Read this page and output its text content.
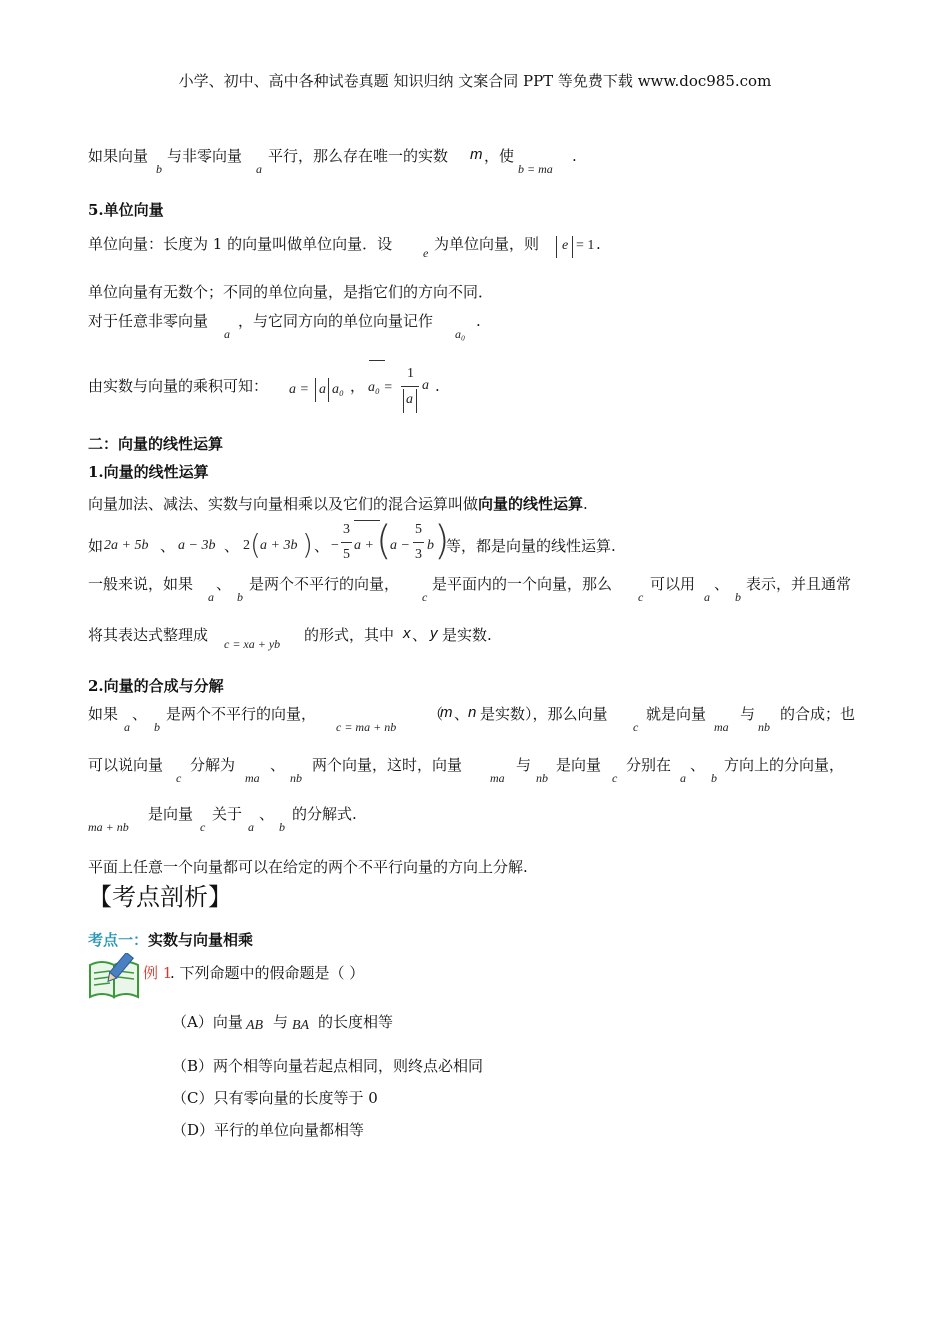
小学、初中、高中各种试卷真题 知识归纳 文案合同 PPT 等免费下载 www.doc985.com
如果向量
b
与非零向量
a
平行，那么存在唯一的实数 m ，使
b = ma
.
5.单位向量
单位向量：长度为 1 的向量叫做单位向量．设	e 为单位向量，则 e = 1 .
单位向量有无数个；不同的单位向量，是指它们的方向不同．
对于任意非零向量
a
，与它同方向的单位向量记作
a₀
.
由实数与向量的乘积可知： a = a a₀ ， a₀ =
1
a
a .
二：向量的线性运算
1.向量的线性运算
向量加法、减法、实数与向量相乘以及它们的混合运算叫做向量的线性运算.
如 2a + 5b 、 a − 3b 、 2 ( a + 3b ) 、 −
3
5
a + (
a −
5
3
b )
等，都是向量的线性运算.
一般来说，如果
a
、
b
是两个不平行的向量，
c
是平面内的一个向量，那么
c
可以用
a
、
b
表示，并且通常
将其表达式整理成 c = xa + yb 的形式，其中 x 、 y 是实数.
2.向量的合成与分解
如果
a
、
b
是两个不平行的向量，
c = ma + nb
（
m 、
n 是实数），那么向量
c
就是向量
ma
与
nb
的合成；也
可以说向量
c
分解为
ma
、
nb
两个向量，这时，向量
ma
与
nb
是向量
c
分别在
a
、
b
方向上的分向量，
ma + nb
是向量
c
关于
a
、
b
的分解式.
平面上任意一个向量都可以在给定的两个不平行向量的方向上分解.
【考点剖析】
考点一：实数与向量相乘
例 1
. 下列命题中的假命题是（ ）
（A）向量 AB 与 BA 的长度相等
（B）两个相等向量若起点相同，则终点必相同
（C）只有零向量的长度等于 0
（D）平行的单位向量都相等
